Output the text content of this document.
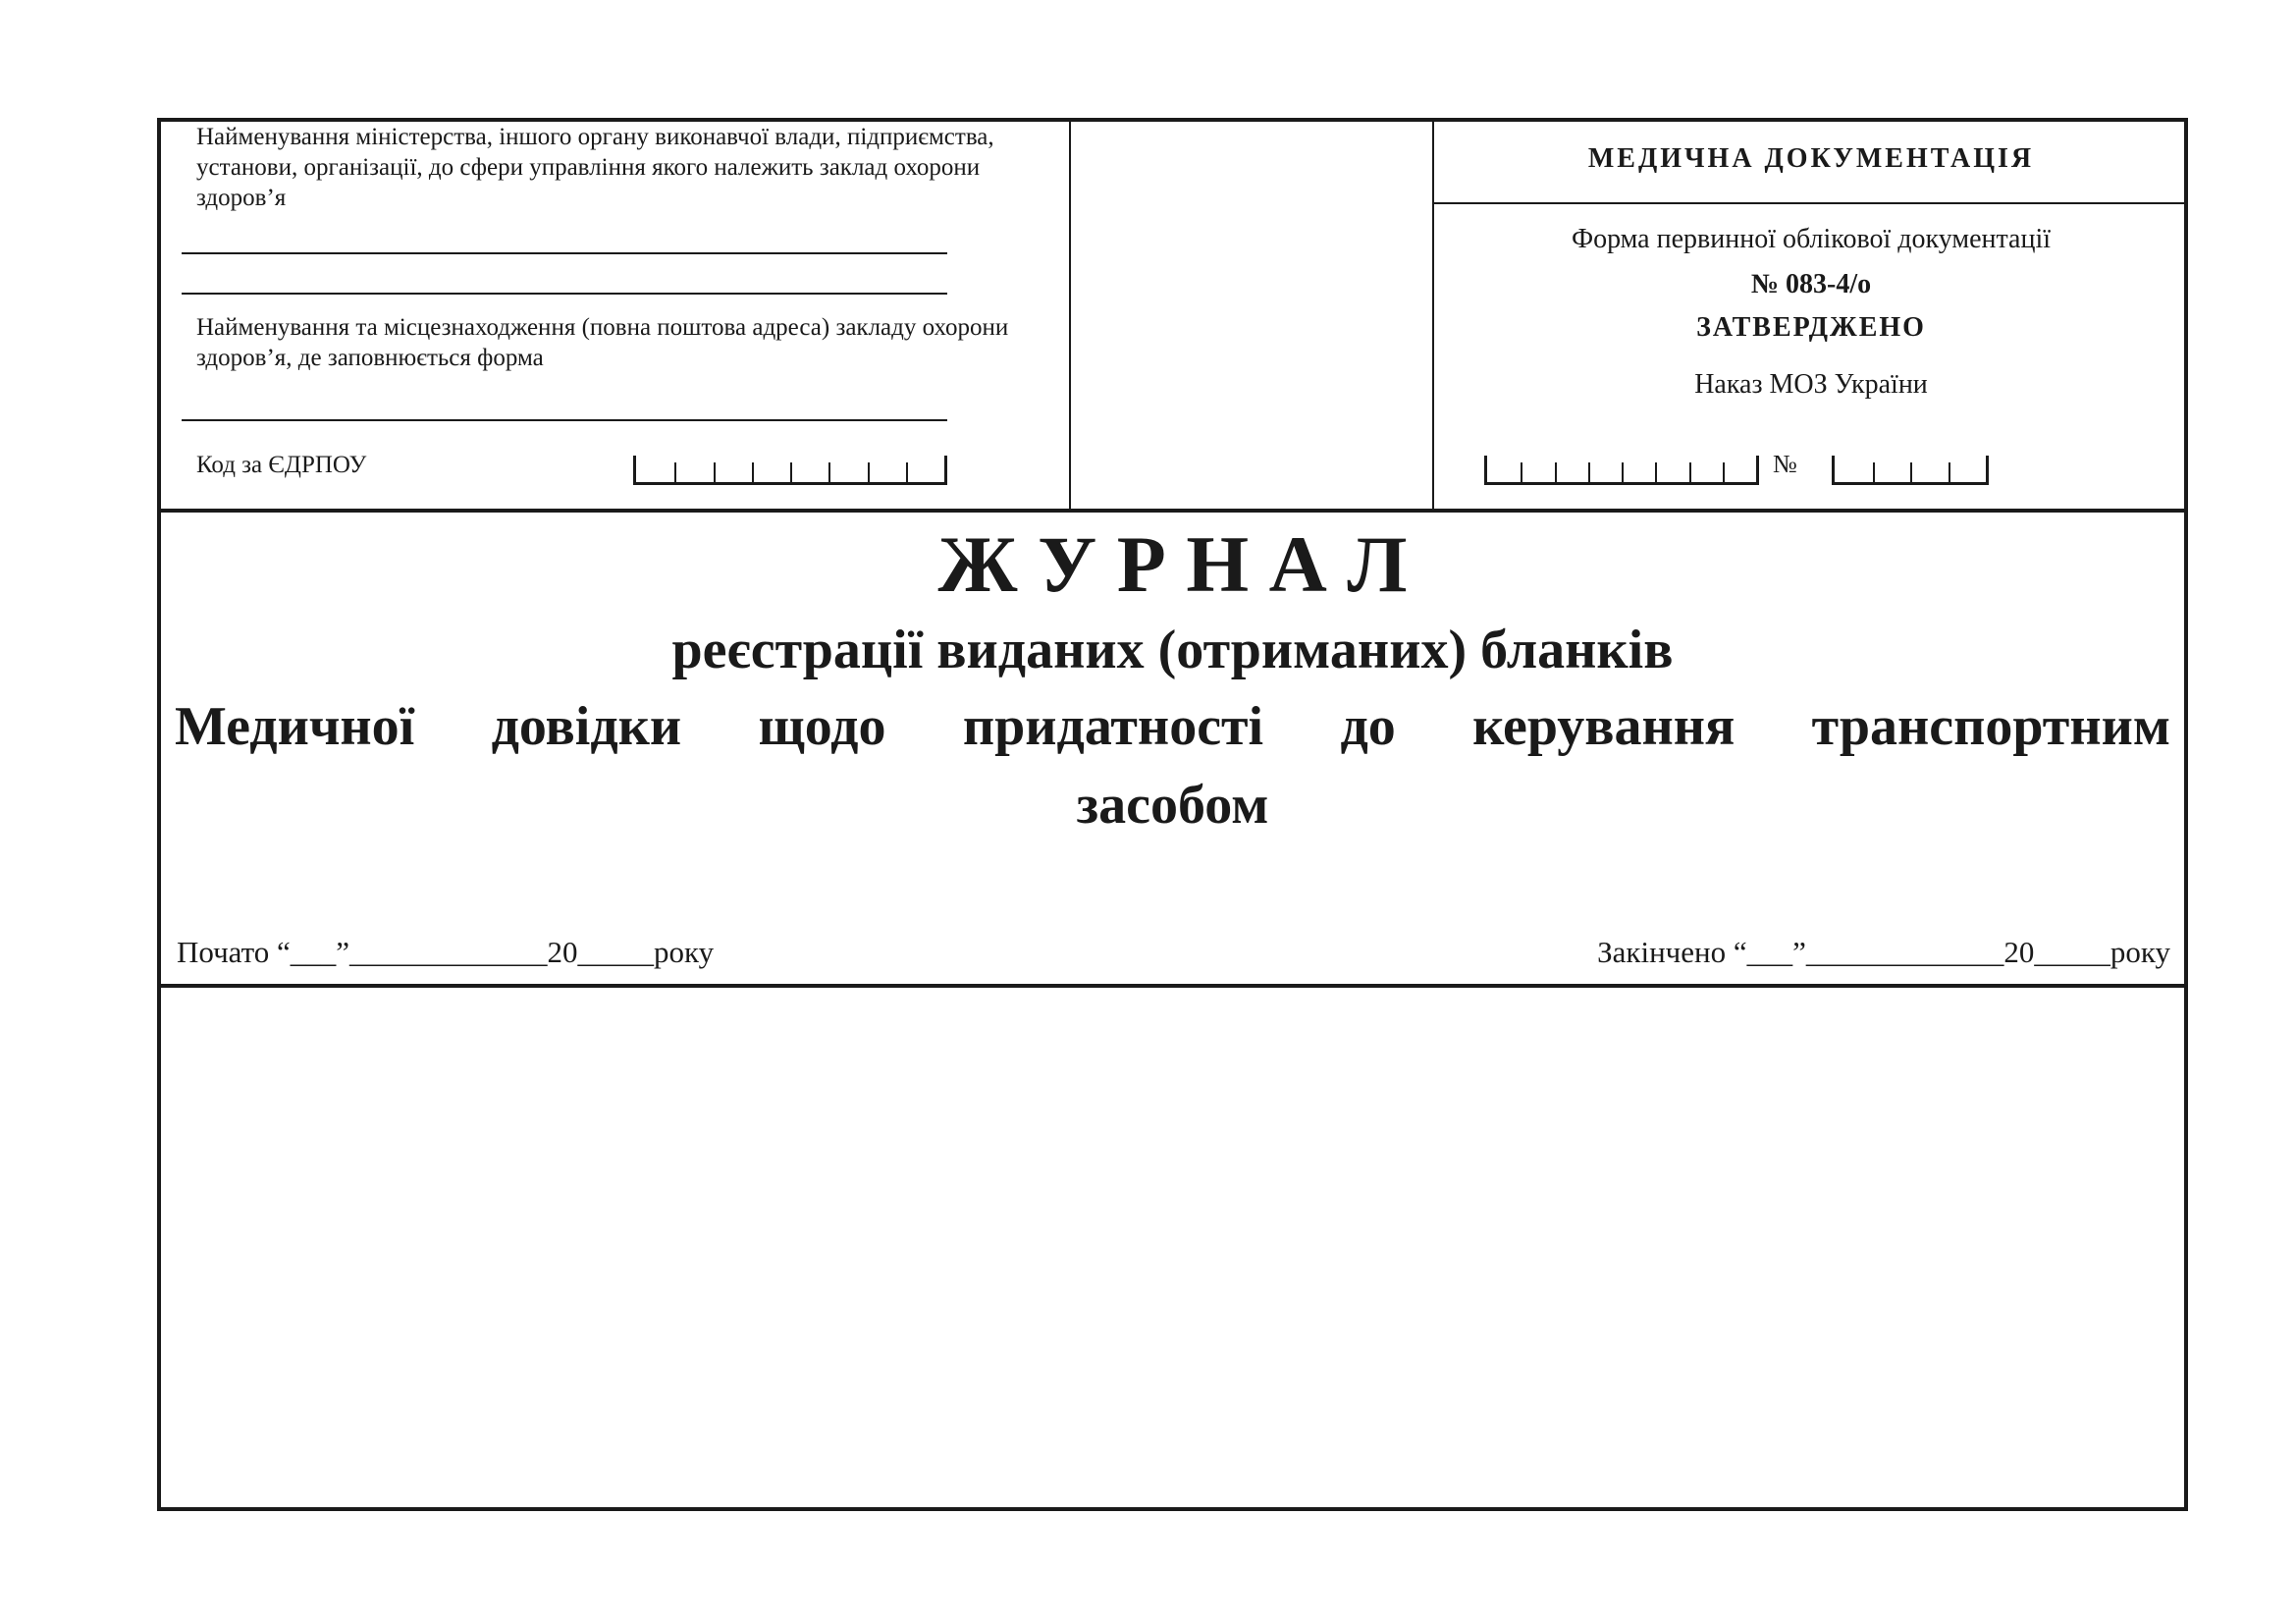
Найменування міністерства, іншого органу виконавчої влади, підприємства, установи, організації, до сфери управління якого належить заклад охорони здоров’я
Найменування та місцезнаходження (повна поштова адреса) закладу охорони здоров’я, де заповнюється форма
Код за ЄДРПОУ
МЕДИЧНА ДОКУМЕНТАЦІЯ
Форма первинної облікової документації
№ 083-4/о
ЗАТВЕРДЖЕНО
Наказ МОЗ України
№
Ж У Р Н А Л
реєстрації виданих (отриманих) бланків
Медичної довідки щодо придатності до керування транспортним
засобом
Почато “___”_____________20_____року	Закінчено “___”_____________20_____року
